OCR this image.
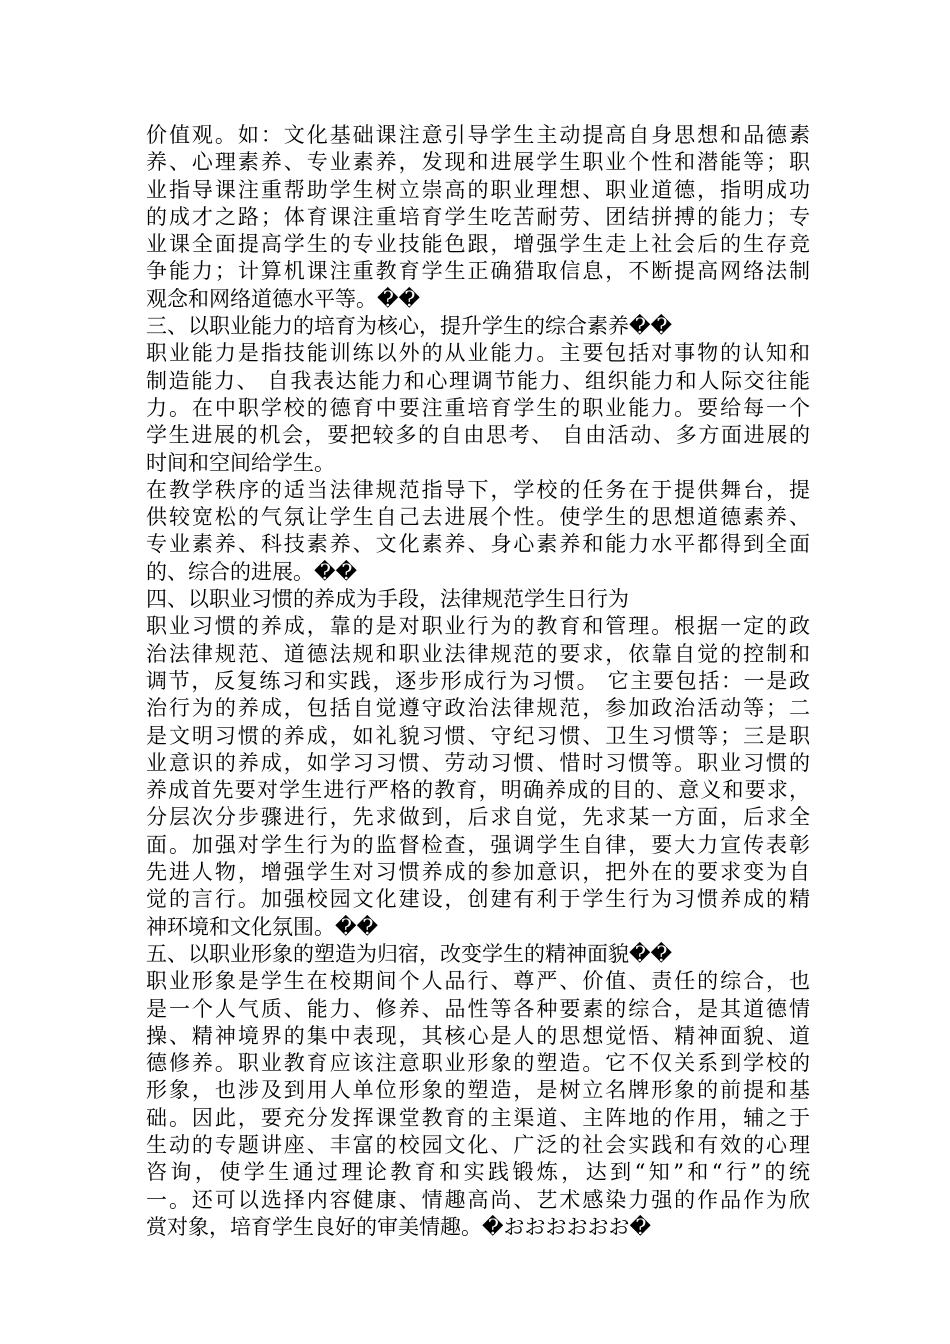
价值观。如：文化基础课注意引导学生主动提高自身思想和品德素
养、心理素养、专业素养，发现和进展学生职业个性和潜能等；职
业指导课注重帮助学生树立崇高的职业理想、职业道德，指明成功
的成才之路；体育课注重培育学生吃苦耐劳、团结拼搏的能力；专
业课全面提高学生的专业技能色跟，增强学生走上社会后的生存竞
争能力；计算机课注重教育学生正确猎取信息，不断提高网络法制
观念和网络道德水平等。��
三、以职业能力的培育为核心，提升学生的综合素养��
职业能力是指技能训练以外的从业能力。主要包括对事物的认知和
制造能力、 自我表达能力和心理调节能力、组织能力和人际交往能
力。在中职学校的德育中要注重培育学生的职业能力。要给每一个
学生进展的机会，要把较多的自由思考、 自由活动、多方面进展的
时间和空间给学生。
在教学秩序的适当法律规范指导下，学校的任务在于提供舞台，提
供较宽松的气氛让学生自己去进展个性。使学生的思想道德素养、
专业素养、科技素养、文化素养、身心素养和能力水平都得到全面
的、综合的进展。��
四、以职业习惯的养成为手段，法律规范学生日行为
职业习惯的养成，靠的是对职业行为的教育和管理。根据一定的政
治法律规范、道德法规和职业法律规范的要求，依靠自觉的控制和
调节，反复练习和实践，逐步形成行为习惯。 它主要包括：一是政
治行为的养成，包括自觉遵守政治法律规范，参加政治活动等；二
是文明习惯的养成，如礼貌习惯、守纪习惯、卫生习惯等；三是职
业意识的养成，如学习习惯、劳动习惯、惜时习惯等。职业习惯的
养成首先要对学生进行严格的教育，明确养成的目的、意义和要求，
分层次分步骤进行，先求做到，后求自觉，先求某一方面，后求全
面。加强对学生行为的监督检查，强调学生自律，要大力宣传表彰
先进人物，增强学生对习惯养成的参加意识，把外在的要求变为自
觉的言行。加强校园文化建设，创建有利于学生行为习惯养成的精
神环境和文化氛围。��
五、以职业形象的塑造为归宿，改变学生的精神面貌��
职业形象是学生在校期间个人品行、尊严、价值、责任的综合，也
是一个人气质、能力、修养、品性等各种要素的综合，是其道德情
操、精神境界的集中表现，其核心是人的思想觉悟、精神面貌、道
德修养。职业教育应该注意职业形象的塑造。它不仅关系到学校的
形象，也涉及到用人单位形象的塑造，是树立名牌形象的前提和基
础。因此，要充分发挥课堂教育的主渠道、主阵地的作用，辅之于
生动的专题讲座、丰富的校园文化、广泛的社会实践和有效的心理
咨询，使学生通过理论教育和实践锻炼，达到“知”和“行”的统
一。还可以选择内容健康、情趣高尚、艺术感染力强的作品作为欣
赏对象，培育学生良好的审美情趣。�おおおおおお�
